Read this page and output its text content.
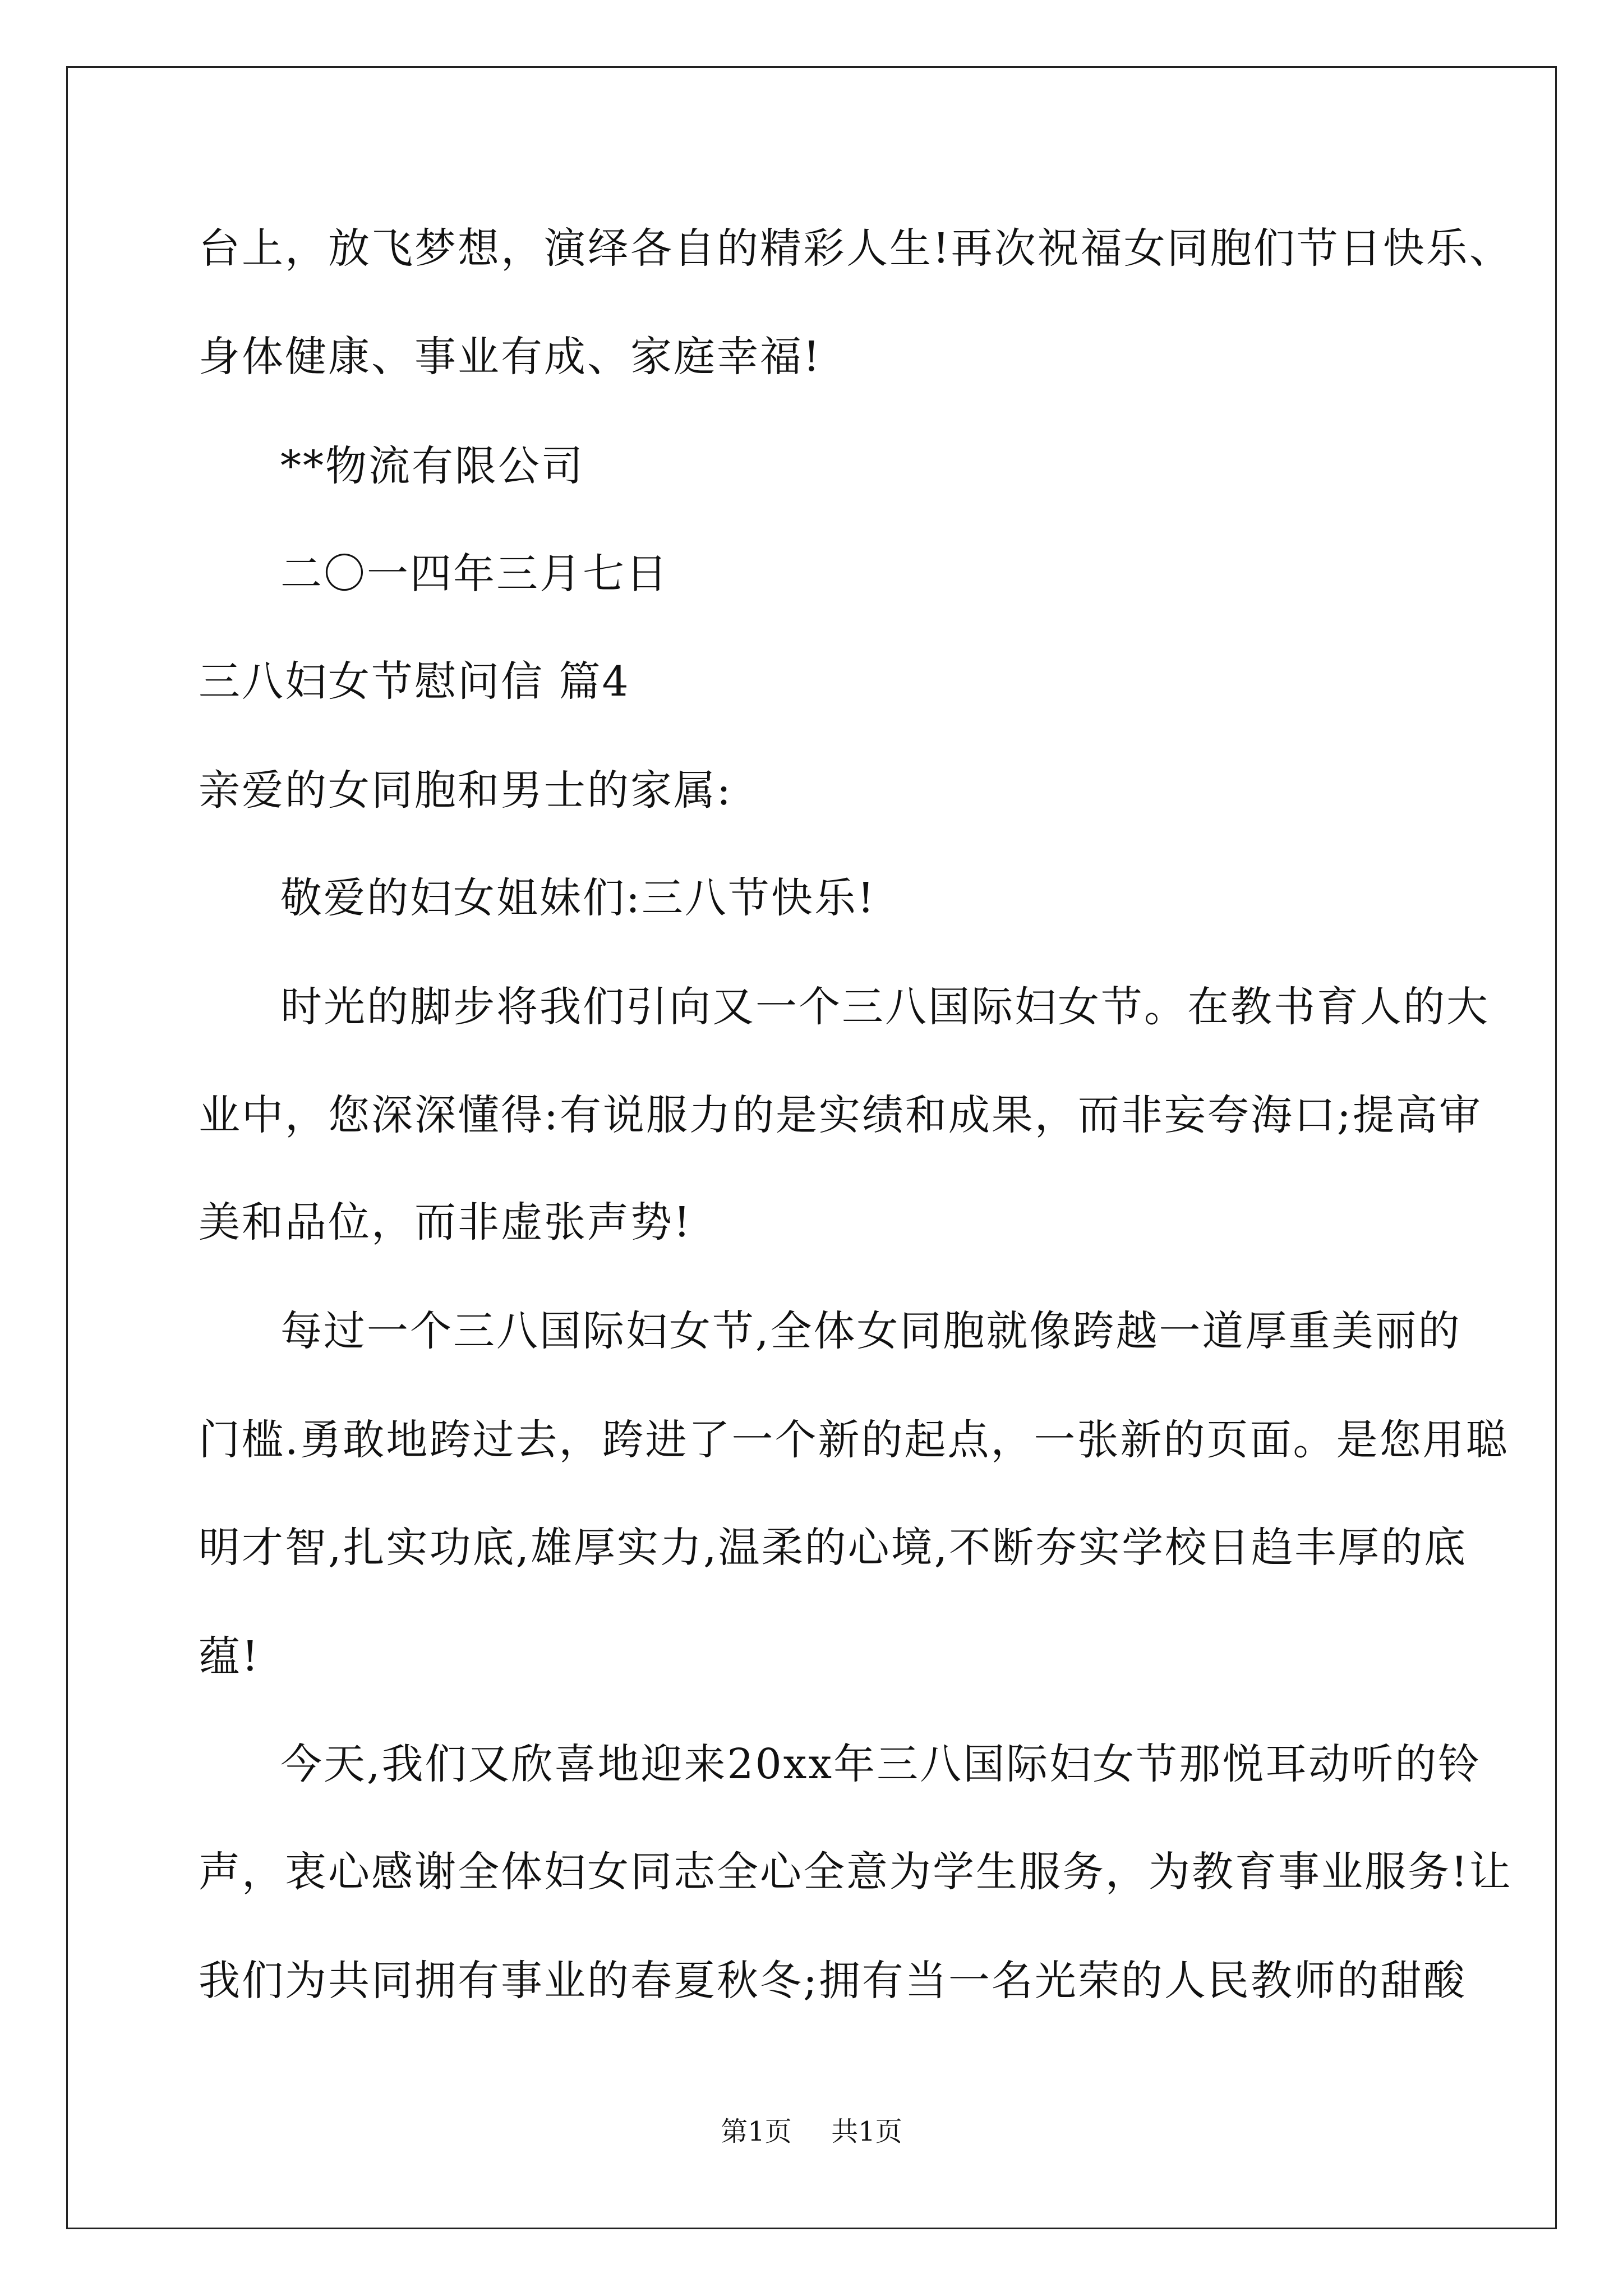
台上，放飞梦想，演绎各自的精彩人生!再次祝福女同胞们节日快乐、
身体健康、事业有成、家庭幸福!
**物流有限公司
二〇一四年三月七日
三八妇女节慰问信 篇4
亲爱的女同胞和男士的家属:
敬爱的妇女姐妹们:三八节快乐!
时光的脚步将我们引向又一个三八国际妇女节。在教书育人的大
业中，您深深懂得:有说服力的是实绩和成果，而非妄夸海口;提高审
美和品位，而非虚张声势!
每过一个三八国际妇女节,全体女同胞就像跨越一道厚重美丽的
门槛.勇敢地跨过去，跨进了一个新的起点，一张新的页面。是您用聪
明才智,扎实功底,雄厚实力,温柔的心境,不断夯实学校日趋丰厚的底
蕴!
今天,我们又欣喜地迎来20xx年三八国际妇女节那悦耳动听的铃
声，衷心感谢全体妇女同志全心全意为学生服务，为教育事业服务!让
我们为共同拥有事业的春夏秋冬;拥有当一名光荣的人民教师的甜酸
第1页 共1页
